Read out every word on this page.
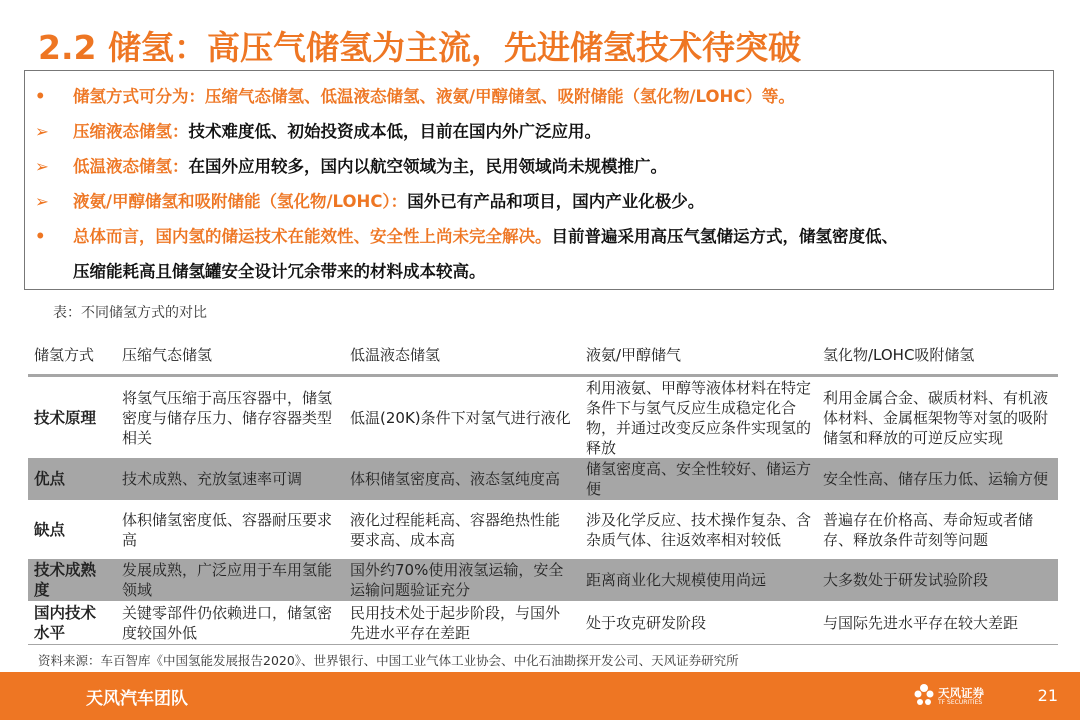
2.2 储氢：高压气储氢为主流，先进储氢技术待突破
•	储氢方式可分为：压缩气态储氢、低温液态储氢、液氨/甲醇储氢、吸附储能（氢化物/LOHC）等。
➢	压缩液态储氢：技术难度低、初始投资成本低，目前在国内外广泛应用。
➢	低温液态储氢：在国外应用较多，国内以航空领域为主，民用领域尚未规模推广。
➢	液氨/甲醇储氢和吸附储能（氢化物/LOHC）：国外已有产品和项目，国内产业化极少。
•	总体而言，国内氢的储运技术在能效性、安全性上尚未完全解决。目前普遍采用高压气氢储运方式，储氢密度低、
压缩能耗高且储氢罐安全设计冗余带来的材料成本较高。
表：不同储氢方式的对比
储氢方式	压缩气态储氢	低温液态储氢	液氨/甲醇储气	氢化物/LOHC吸附储氢
技术原理	将氢气压缩于高压容器中，储氢密度与储存压力、储存容器类型相关	低温(20K)条件下对氢气进行液化	利用液氨、甲醇等液体材料在特定条件下与氢气反应生成稳定化合物，并通过改变反应条件实现氢的释放	利用金属合金、碳质材料、有机液体材料、金属框架物等对氢的吸附储氢和释放的可逆反应实现
优点	技术成熟、充放氢速率可调	体积储氢密度高、液态氢纯度高	储氢密度高、安全性较好、储运方便	安全性高、储存压力低、运输方便
缺点	体积储氢密度低、容器耐压要求高	液化过程能耗高、容器绝热性能要求高、成本高	涉及化学反应、技术操作复杂、含杂质气体、往返效率相对较低	普遍存在价格高、寿命短或者储存、释放条件苛刻等问题
技术成熟度	发展成熟，广泛应用于车用氢能领域	国外约70%使用液氢运输，安全运输问题验证充分	距离商业化大规模使用尚远	大多数处于研发试验阶段
国内技术水平	关键零部件仍依赖进口，储氢密度较国外低	民用技术处于起步阶段，与国外先进水平存在差距	处于攻克研发阶段	与国际先进水平存在较大差距
资料来源：车百智库《中国氢能发展报告2020》、世界银行、中国工业气体工业协会、中化石油勘探开发公司、天风证券研究所
天风汽车团队	天风证券
TF SECURITIES	21
